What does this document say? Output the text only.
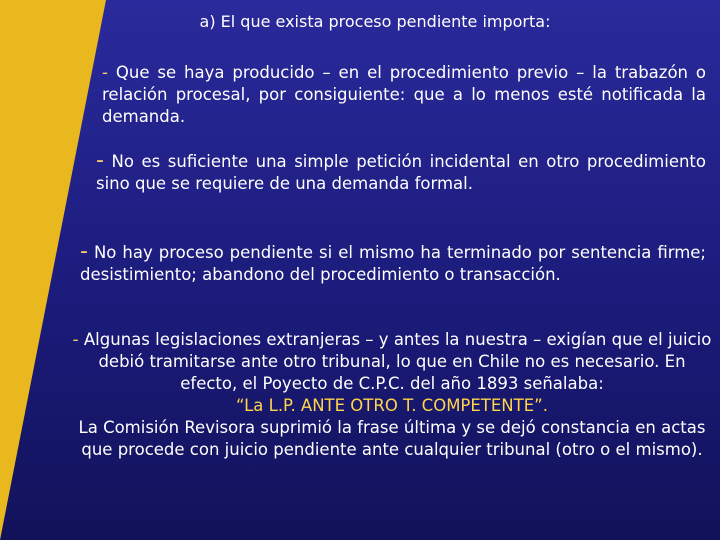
a) El que exista proceso pendiente importa:
- Que se haya producido – en el procedimiento previo – la trabazón o relación procesal, por consiguiente: que a lo menos esté notificada la demanda.
- No es suficiente una simple petición incidental en otro procedimiento sino que se requiere de una demanda formal.
- No hay proceso pendiente si el mismo ha terminado por sentencia firme; desistimiento; abandono del procedimiento o transacción.
- Algunas legislaciones extranjeras – y antes la nuestra – exigían que el juicio debió tramitarse ante otro tribunal, lo que en Chile no es necesario. En efecto, el Poyecto de C.P.C. del año 1893 señalaba:
“La L.P. ANTE OTRO T. COMPETENTE”.
La Comisión Revisora suprimió la frase última y se dejó constancia en actas que procede con juicio pendiente ante cualquier tribunal (otro o el mismo).
